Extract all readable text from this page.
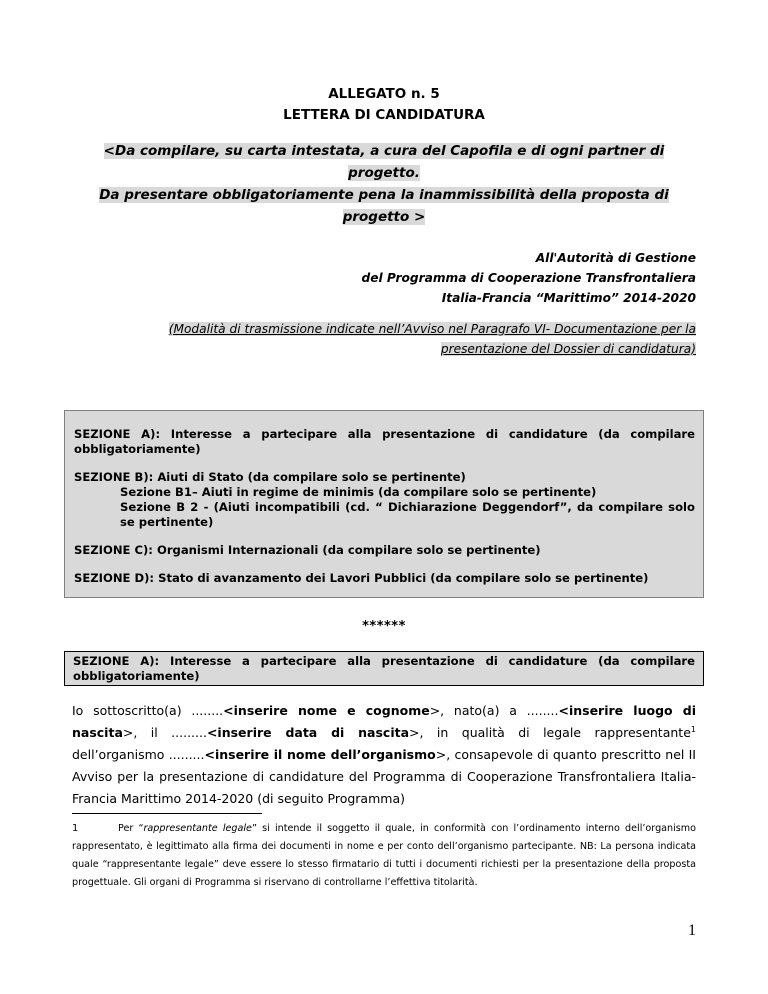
ALLEGATO n. 5
LETTERA DI CANDIDATURA
<Da compilare, su carta intestata, a cura del Capofila e di ogni partner di progetto.
Da presentare obbligatoriamente pena la inammissibilità della proposta di
progetto >
All'Autorità di Gestione
del Programma di Cooperazione Transfrontaliera
Italia-Francia “Marittimo” 2014-2020
(Modalità di trasmissione indicate nell’Avviso nel Paragrafo VI- Documentazione per la
presentazione del Dossier di candidatura)

SEZIONE A): Interesse a partecipare alla presentazione di candidature (da compilare obbligatoriamente)

SEZIONE B): Aiuti di Stato (da compilare solo se pertinente)

Sezione B1– Aiuti in regime de minimis (da compilare solo se pertinente)

Sezione B 2 - (Aiuti incompatibili (cd. “ Dichiarazione Deggendorf”, da compilare solo se pertinente)

SEZIONE C): Organismi Internazionali (da compilare solo se pertinente)

SEZIONE D): Stato di avanzamento dei Lavori Pubblici (da compilare solo se pertinente)

******
SEZIONE A): Interesse a partecipare alla presentazione di candidature (da compilare obbligatoriamente)
Io sottoscritto(a) ........<inserire nome e cognome>, nato(a) a ........<inserire luogo di nascita>, il .........<inserire data di nascita>, in qualità di legale rappresentante$^1$ dell’organismo .........<inserire il nome dell’organismo>, consapevole di quanto prescritto nel II Avviso per la presentazione di candidature del Programma di Cooperazione Transfrontaliera Italia-Francia Marittimo 2014-2020 (di seguito Programma)
1	Per “rappresentante legale” si intende il soggetto il quale, in conformità con l’ordinamento interno dell’organismo rappresentato, è legittimato alla firma dei documenti in nome e per conto dell’organismo partecipante. NB: La persona indicata quale “rappresentante legale” deve essere lo stesso firmatario di tutti i documenti richiesti per la presentazione della proposta progettuale. Gli organi di Programma si riservano di controllarne l’effettiva titolarità.
1
